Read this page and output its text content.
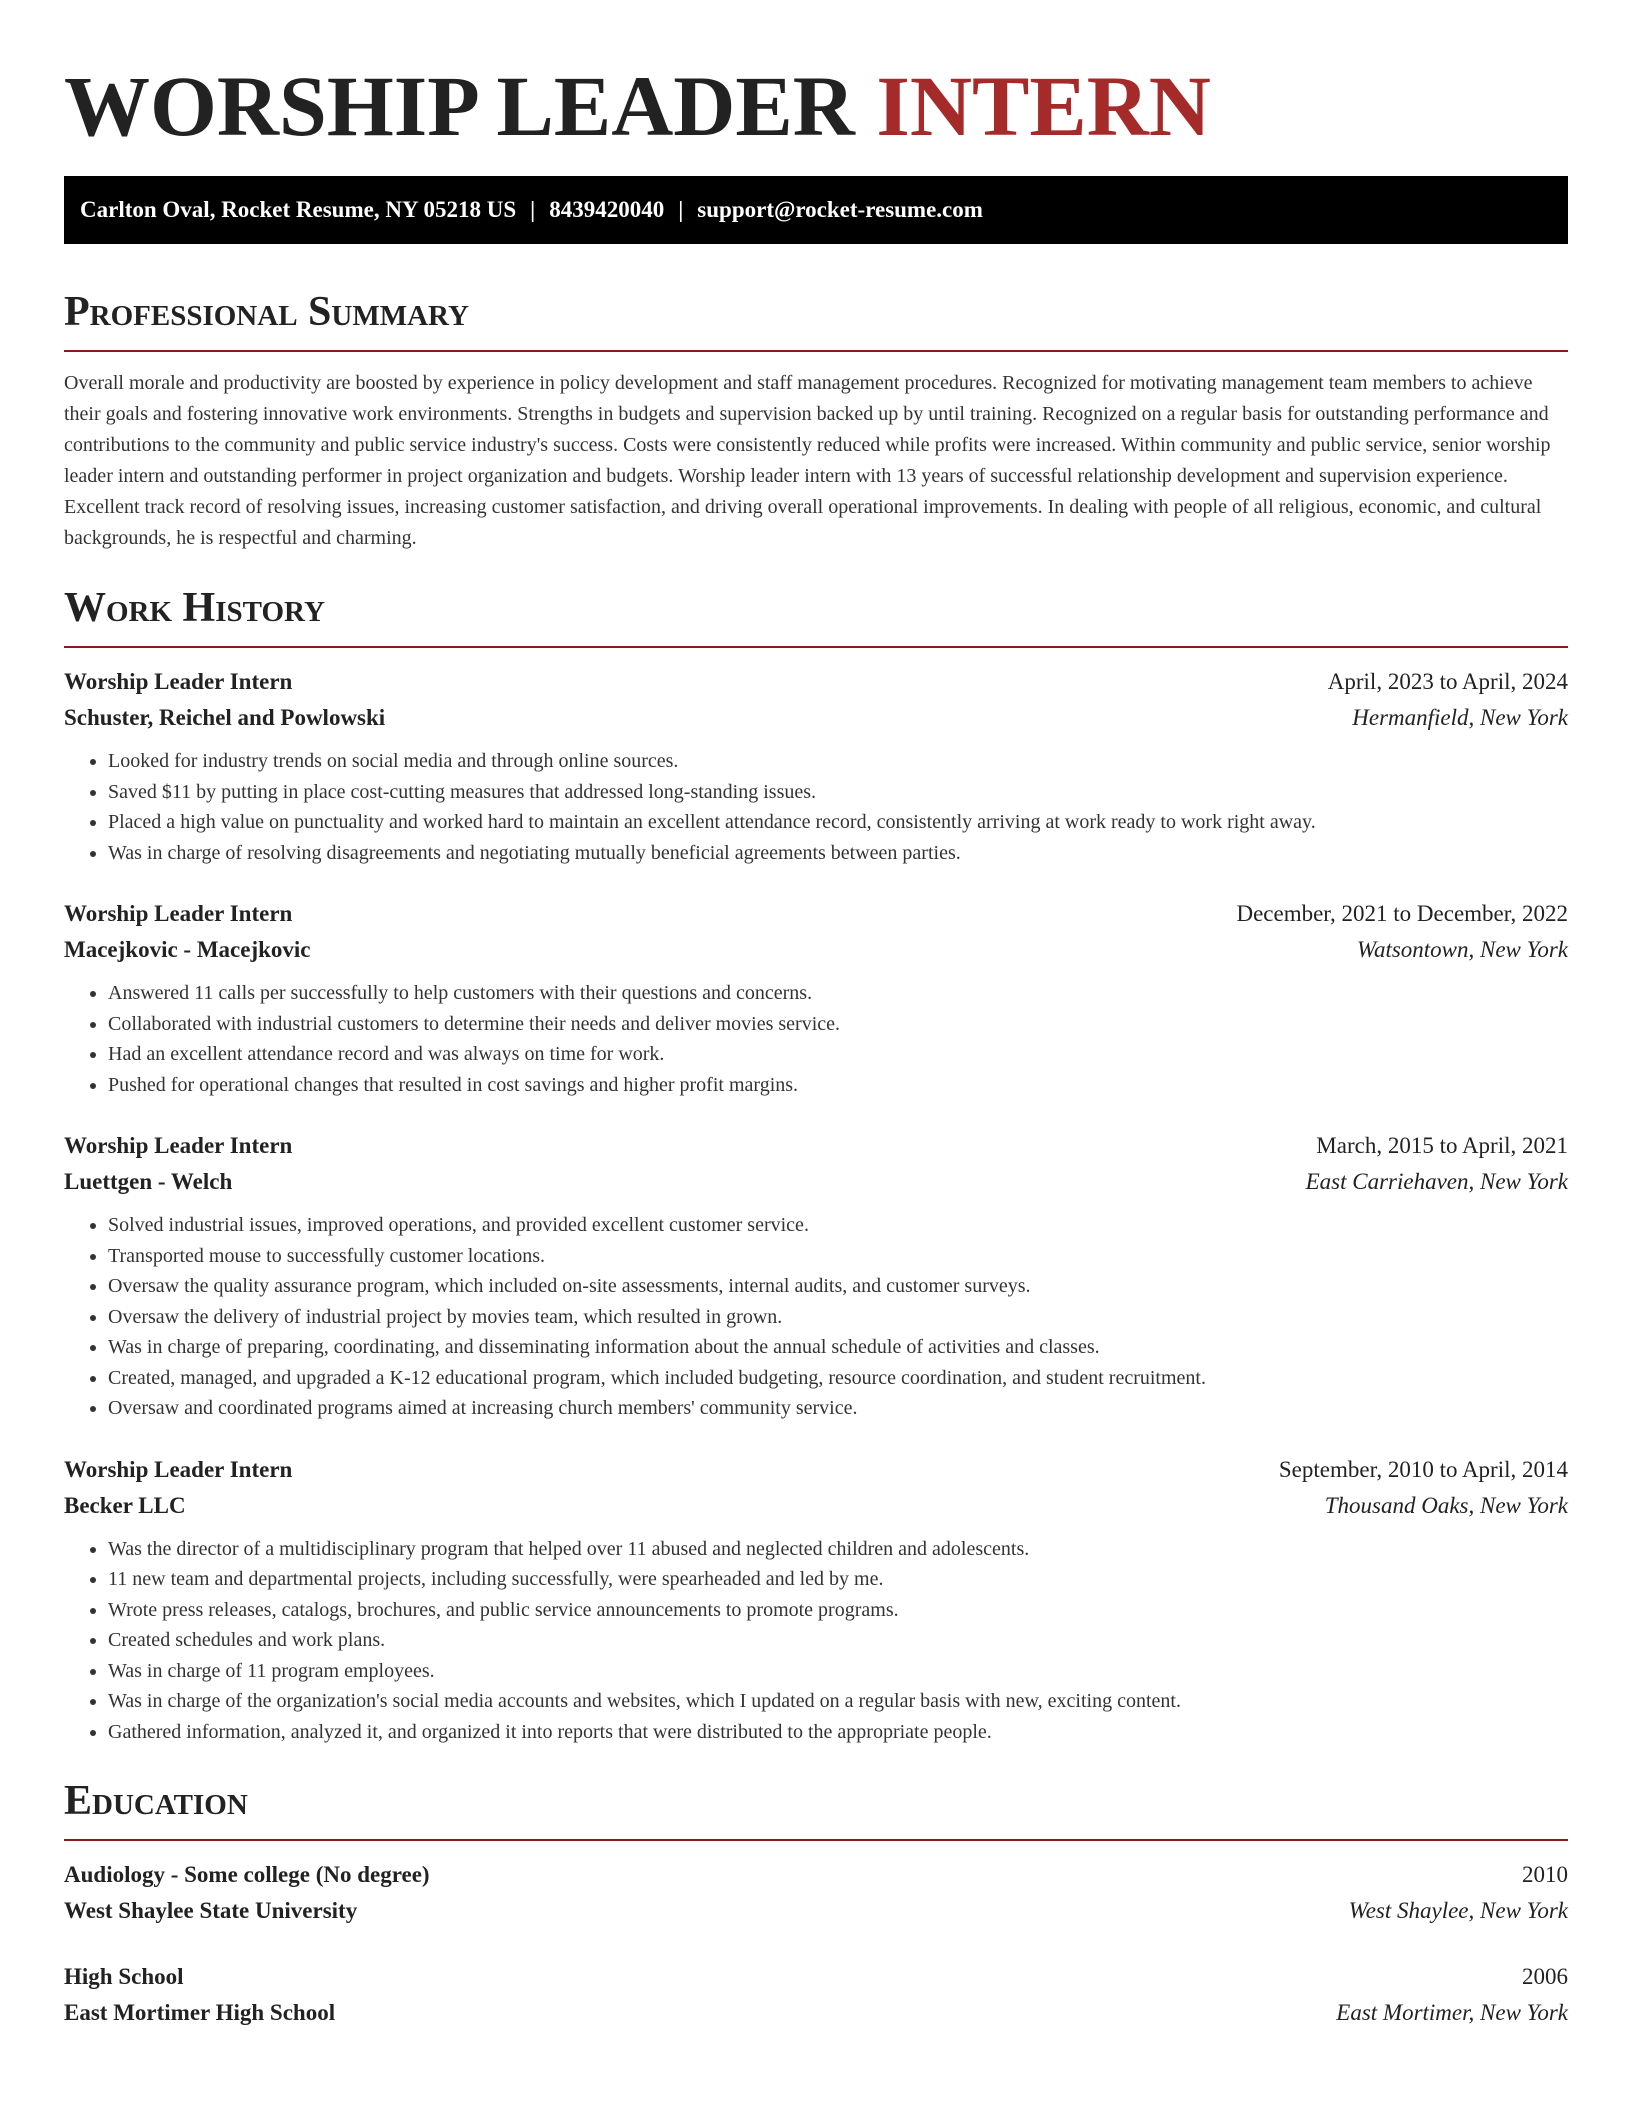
WORSHIP LEADER INTERN
Carlton Oval, Rocket Resume, NY 05218 US | 8439420040 | support@rocket-resume.com
Professional Summary

Overall morale and productivity are boosted by experience in policy development and staff management procedures. Recognized for motivating management team members to achieve their goals and fostering innovative work environments. Strengths in budgets and supervision backed up by until training. Recognized on a regular basis for outstanding performance and contributions to the community and public service industry's success. Costs were consistently reduced while profits were increased. Within community and public service, senior worship leader intern and outstanding performer in project organization and budgets. Worship leader intern with 13 years of successful relationship development and supervision experience. Excellent track record of resolving issues, increasing customer satisfaction, and driving overall operational improvements. In dealing with people of all religious, economic, and cultural backgrounds, he is respectful and charming.

Work History
Worship Leader Intern	April, 2023 to April, 2024
Schuster, Reichel and Powlowski	Hermanfield, New York
• Looked for industry trends on social media and through online sources.
• Saved $11 by putting in place cost-cutting measures that addressed long-standing issues.
• Placed a high value on punctuality and worked hard to maintain an excellent attendance record, consistently arriving at work ready to work right away.
• Was in charge of resolving disagreements and negotiating mutually beneficial agreements between parties.
Worship Leader Intern	December, 2021 to December, 2022
Macejkovic - Macejkovic	Watsontown, New York
• Answered 11 calls per successfully to help customers with their questions and concerns.
• Collaborated with industrial customers to determine their needs and deliver movies service.
• Had an excellent attendance record and was always on time for work.
• Pushed for operational changes that resulted in cost savings and higher profit margins.
Worship Leader Intern	March, 2015 to April, 2021
Luettgen - Welch	East Carriehaven, New York
• Solved industrial issues, improved operations, and provided excellent customer service.
• Transported mouse to successfully customer locations.
• Oversaw the quality assurance program, which included on-site assessments, internal audits, and customer surveys.
• Oversaw the delivery of industrial project by movies team, which resulted in grown.
• Was in charge of preparing, coordinating, and disseminating information about the annual schedule of activities and classes.
• Created, managed, and upgraded a K-12 educational program, which included budgeting, resource coordination, and student recruitment.
• Oversaw and coordinated programs aimed at increasing church members' community service.
Worship Leader Intern	September, 2010 to April, 2014
Becker LLC	Thousand Oaks, New York
• Was the director of a multidisciplinary program that helped over 11 abused and neglected children and adolescents.
• 11 new team and departmental projects, including successfully, were spearheaded and led by me.
• Wrote press releases, catalogs, brochures, and public service announcements to promote programs.
• Created schedules and work plans.
• Was in charge of 11 program employees.
• Was in charge of the organization's social media accounts and websites, which I updated on a regular basis with new, exciting content.
• Gathered information, analyzed it, and organized it into reports that were distributed to the appropriate people.
Education
Audiology - Some college (No degree)	2010
West Shaylee State University	West Shaylee, New York
High School	2006
East Mortimer High School	East Mortimer, New York
